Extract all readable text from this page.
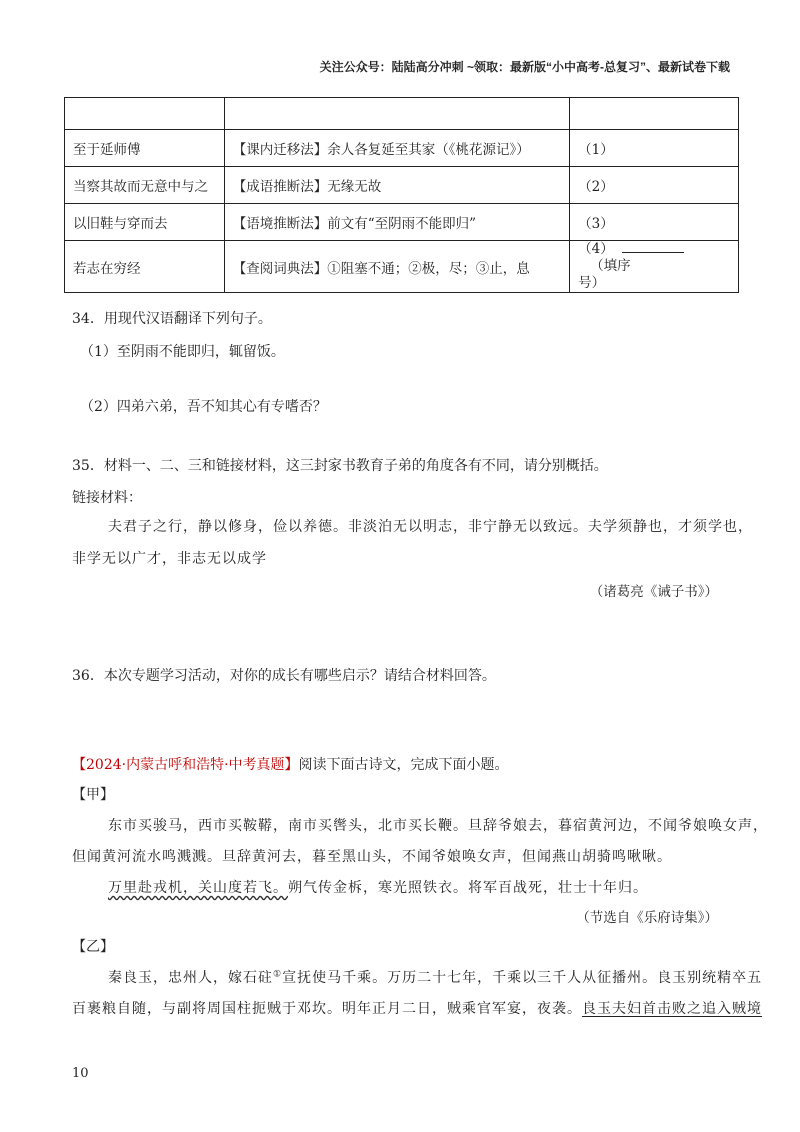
关注公众号：陆陆高分冲刺 ~领取：最新版“小中高考-总复习”、最新试卷下载

至于延师傅	【课内迁移法】余人各复延至其家（《桃花源记》）	（1）
当察其故而无意中与之	【成语推断法】无缘无故	（2）
以旧鞋与穿而去	【语境推断法】前文有“至阴雨不能即归”	（3）
若志在穷经	【查阅词典法】①阻塞不通；②极，尽；③止，息	（4）（填序
号）
34．用现代汉语翻译下列句子。
（1）至阴雨不能即归，辄留饭。
（2）四弟六弟，吾不知其心有专嗜否？
35．材料一、二、三和链接材料，这三封家书教育子弟的角度各有不同，请分别概括。
链接材料：
夫君子之行，静以修身，俭以养德。非淡泊无以明志，非宁静无以致远。夫学须静也，才须学也，
非学无以广才，非志无以成学
（诸葛亮《诫子书》）
36．本次专题学习活动，对你的成长有哪些启示？请结合材料回答。
【2024·内蒙古呼和浩特·中考真题】阅读下面古诗文，完成下面小题。
【甲】
东市买骏马，西市买鞍鞯，南市买辔头，北市买长鞭。旦辞爷娘去，暮宿黄河边，不闻爷娘唤女声，
但闻黄河流水鸣溅溅。旦辞黄河去，暮至黑山头，不闻爷娘唤女声，但闻燕山胡骑鸣啾啾。
万里赴戎机，关山度若飞。朔气传金柝，寒光照铁衣。将军百战死，壮士十年归。
（节选自《乐府诗集》）
【乙】
秦良玉，忠州人，嫁石砫①宣抚使马千乘。万历二十七年，千乘以三千人从征播州。良玉别统精卒五
百裹粮自随，与副将周国柱扼贼于邓坎。明年正月二日，贼乘官军宴，夜袭。良玉夫妇首击败之追入贼境
10
